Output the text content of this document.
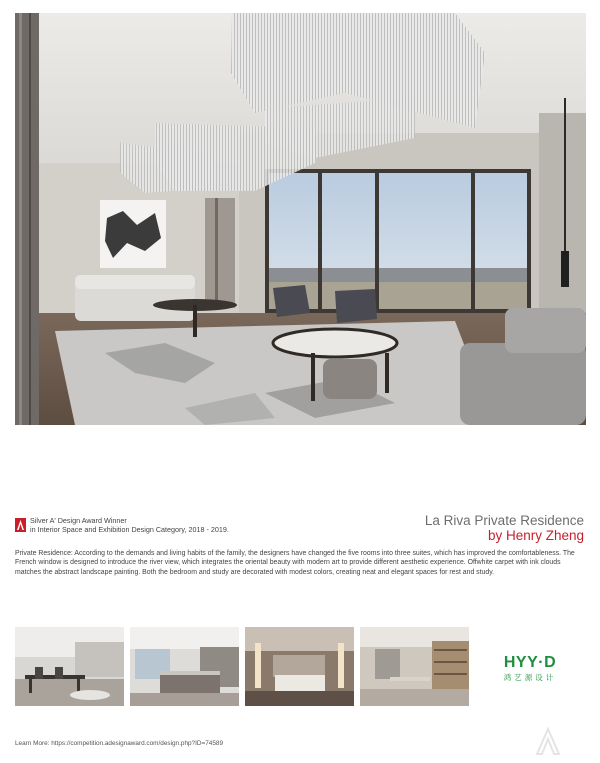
Silver A' Design Award Winner
in Interior Space and Exhibition Design Category, 2018 - 2019.
La Riva Private Residence
by Henry Zheng

Private Residence: According to the demands and living habits of the family, the designers have changed the five rooms into three suites, which has improved the comfortableness. The French window is designed to introduce the river view, which integrates the oriental beauty with modern art to provide different aesthetic experience. Offwhite carpet with ink clouds matches the abstract landscape painting. Both the bedroom and study are decorated with modest colors, creating neat and elegant spaces for rest and study.

HYY·D
鸿艺源设计
Learn More: https://competition.adesignaward.com/design.php?ID=74589
